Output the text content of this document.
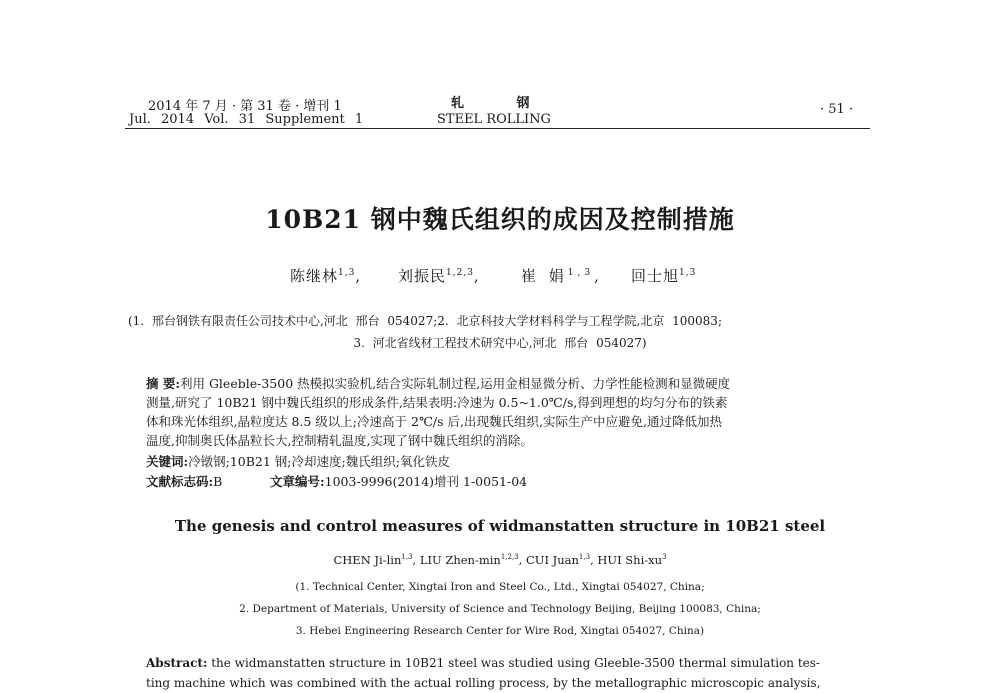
2014 年 7 月 · 第 31 卷 · 增刊 1
Jul. 2014 Vol. 31 Supplement 1
轧 钢
STEEL ROLLING
· 51 ·
10B21 钢中魏氏组织的成因及控制措施
陈继林$^{1,3}$, 刘振民$^{1,2,3}$,	崔 娟$^{1,3}$, 回士旭$^{1,3}$
(1. 邢台钢铁有限责任公司技术中心,河北 邢台 054027;2. 北京科技大学材料科学与工程学院,北京 100083;
3. 河北省线材工程技术研究中心,河北 邢台 054027)
摘 要:利用 Gleeble-3500 热模拟实验机,结合实际轧制过程,运用金相显微分析、力学性能检测和显微硬度
测量,研究了 10B21 钢中魏氏组织的形成条件,结果表明:冷速为 0.5~1.0℃/s,得到理想的均匀分布的铁素
体和珠光体组织,晶粒度达 8.5 级以上;冷速高于 2℃/s 后,出现魏氏组织,实际生产中应避免,通过降低加热
温度,抑制奥氏体晶粒长大,控制精轧温度,实现了钢中魏氏组织的消除。
关键词:冷镦钢;10B21 钢;冷却速度;魏氏组织;氧化铁皮
文献标志码:B	文章编号:1003-9996(2014)增刊 1-0051-04
The genesis and control measures of widmanstatten structure in 10B21 steel
CHEN Ji-lin$^{1,3}$, LIU Zhen-$\min^{1,2,3}$, CUI Juan$^{1,3}$, HUI Shi-$xu^3$
(1. Technical Center, Xingtai Iron and Steel Co., Ltd., Xingtai 054027, China;
2. Department of Materials, University of Science and Technology Beijing, Beijing 100083, China;
3. Hebei Engineering Research Center for Wire Rod, Xingtai 054027, China)
Abstract: the widmanstatten structure in 10B21 steel was studied using Gleeble-3500 thermal simulation tes-
ting machine which was combined with the actual rolling process, by the metallographic microscopic analysis,
